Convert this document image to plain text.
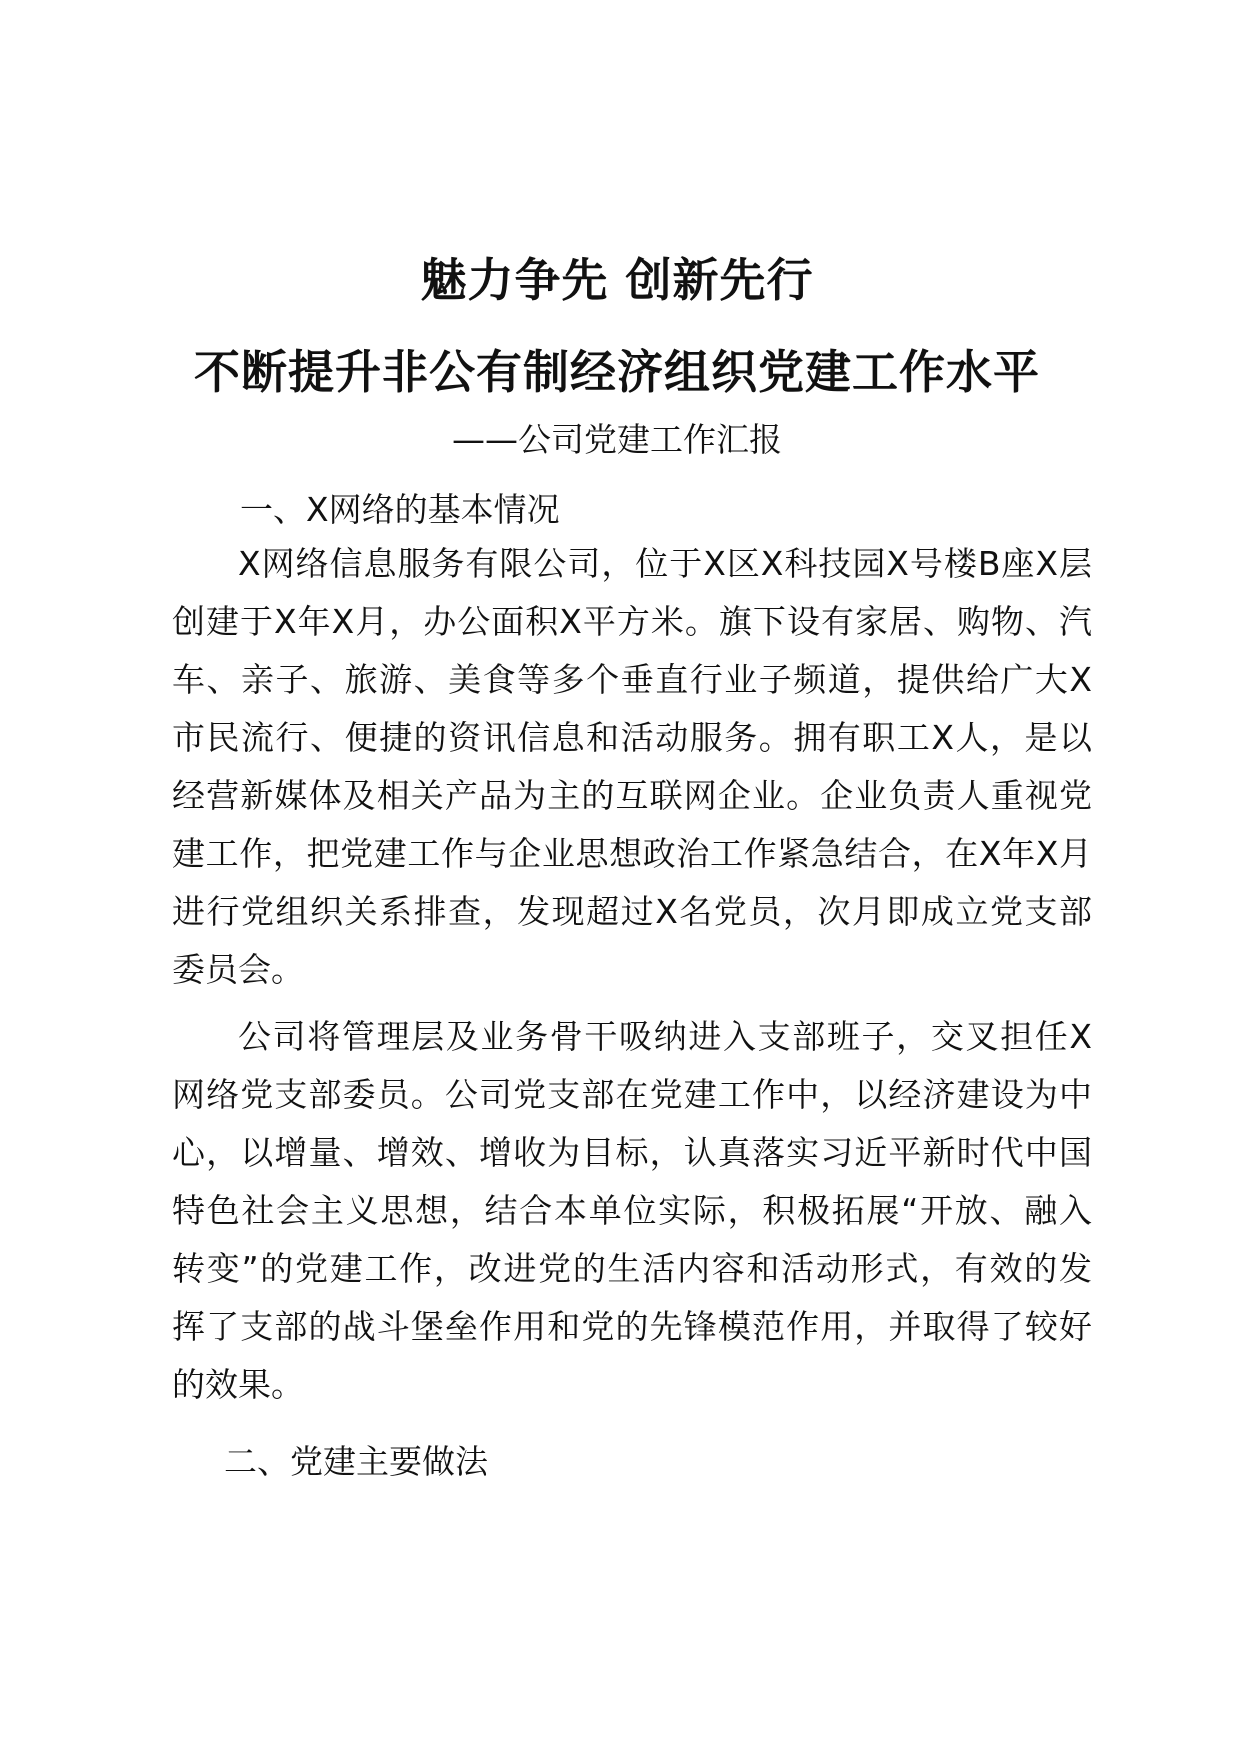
魅力争先 创新先行
不断提升非公有制经济组织党建工作水平
——公司党建工作汇报
一、X网络的基本情况
X网络信息服务有限公司，位于X区X科技园X号楼B座X层
创建于X年X月，办公面积X平方米。旗下设有家居、购物、汽
车、亲子、旅游、美食等多个垂直行业子频道，提供给广大X
市民流行、便捷的资讯信息和活动服务。拥有职工X人，是以
经营新媒体及相关产品为主的互联网企业。企业负责人重视党
建工作，把党建工作与企业思想政治工作紧急结合，在X年X月
进行党组织关系排查，发现超过X名党员，次月即成立党支部
委员会。
公司将管理层及业务骨干吸纳进入支部班子，交叉担任X
网络党支部委员。公司党支部在党建工作中，以经济建设为中
心，以增量、增效、增收为目标，认真落实习近平新时代中国
特色社会主义思想，结合本单位实际，积极拓展“开放、融入
转变”的党建工作，改进党的生活内容和活动形式，有效的发
挥了支部的战斗堡垒作用和党的先锋模范作用，并取得了较好
的效果。
二、党建主要做法
